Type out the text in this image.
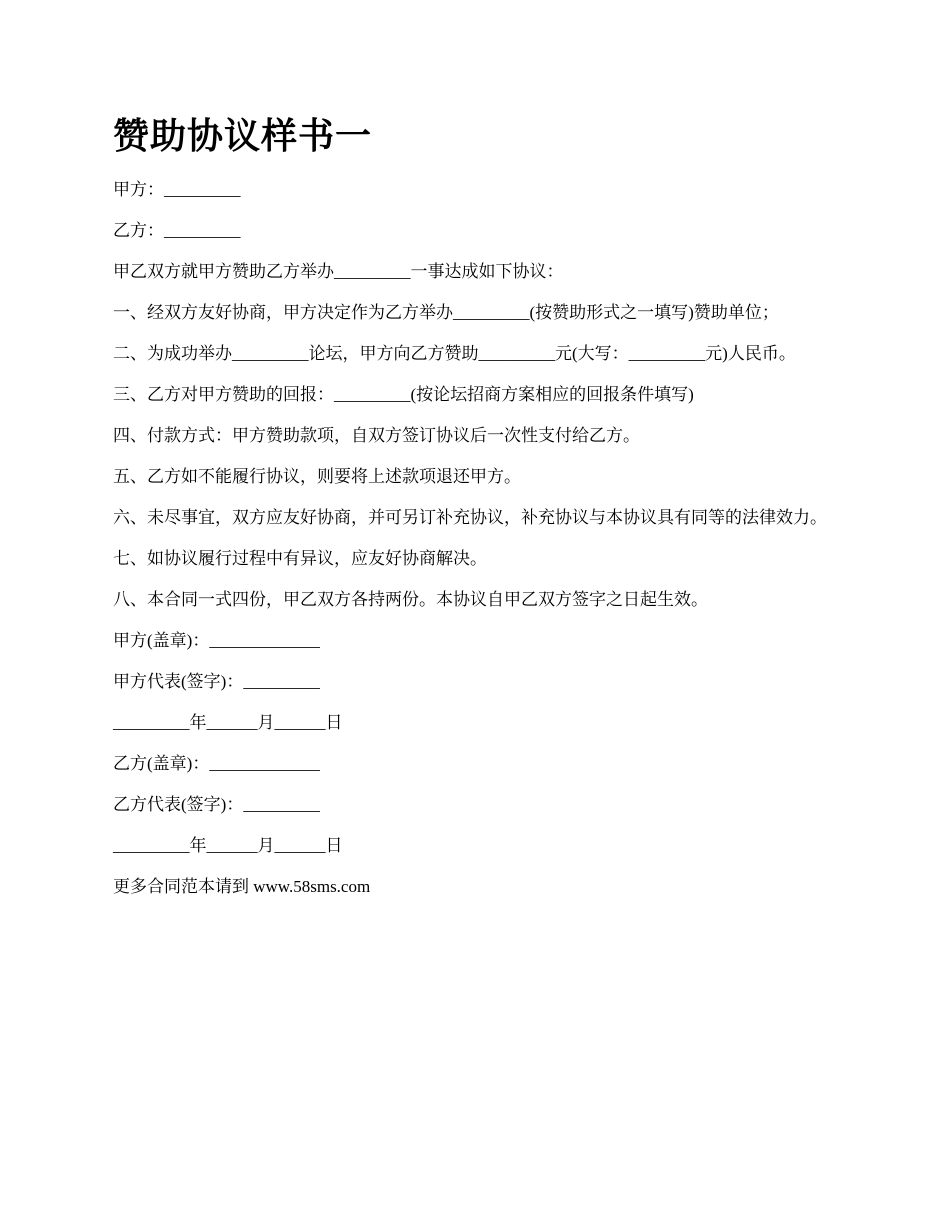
赞助协议样书一

甲方：_________

乙方：_________

甲乙双方就甲方赞助乙方举办_________一事达成如下协议：

一、经双方友好协商，甲方决定作为乙方举办_________(按赞助形式之一填写)赞助单位；

二、为成功举办_________论坛，甲方向乙方赞助_________元(大写：_________元)人民币。

三、乙方对甲方赞助的回报：_________(按论坛招商方案相应的回报条件填写)

四、付款方式：甲方赞助款项，自双方签订协议后一次性支付给乙方。

五、乙方如不能履行协议，则要将上述款项退还甲方。

六、未尽事宜，双方应友好协商，并可另订补充协议，补充协议与本协议具有同等的法律效力。

七、如协议履行过程中有异议，应友好协商解决。

八、本合同一式四份，甲乙双方各持两份。本协议自甲乙双方签字之日起生效。

甲方(盖章)：_____________

甲方代表(签字)：_________

_________年______月______日

乙方(盖章)：_____________

乙方代表(签字)：_________

_________年______月______日

更多合同范本请到 www.58sms.com
